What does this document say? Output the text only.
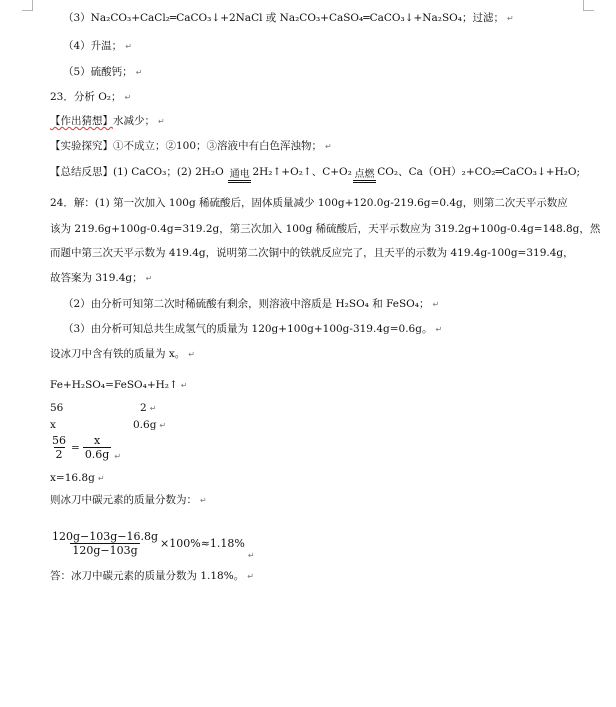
（3）Na₂CO₃+CaCl₂═CaCO₃↓+2NaCl 或 Na₂CO₃+CaSO₄═CaCO₃↓+Na₂SO₄；过滤； ↵
（4）升温； ↵
（5）硫酸钙； ↵
23．分析 O₂； ↵
【作出猜想】水减少； ↵
【实验探究】①不成立；②100；③溶液中有白色浑浊物； ↵
【总结反思】(1) CaCO₃；(2) 2H₂O 通电
2H₂↑+O₂↑、C+O₂ 点燃
CO₂、Ca（OH）₂+CO₂═CaCO₃↓+H₂O;
24．解：(1) 第一次加入 100g 稀硫酸后，固体质量减少 100g+120.0g-219.6g=0.4g，则第二次天平示数应
该为 219.6g+100g-0.4g=319.2g，第三次加入 100g 稀硫酸后，天平示数应为 319.2g+100g-0.4g=148.8g，然
而题中第三次天平示数为 419.4g，说明第二次铜中的铁就反应完了，且天平的示数为 419.4g-100g=319.4g，
故答案为 319.4g； ↵
（2）由分析可知第二次时稀硫酸有剩余，则溶液中溶质是 H₂SO₄ 和 FeSO₄； ↵
（3）由分析可知总共生成氢气的质量为 120g+100g+100g-319.4g=0.6g。 ↵
设冰刀中含有铁的质量为 x。 ↵
Fe+H₂SO₄=FeSO₄+H₂↑ ↵
56	2 ↵
x	0.6g ↵
$\frac{56}{2} = \frac{x}{0.6g}$ ↵
x=16.8g ↵
则冰刀中碳元素的质量分数为： ↵
$\frac{120g-103g-16.8g}{120g-103g} \times 100\%\approx 1.18\%$
↵
答：冰刀中碳元素的质量分数为 1.18%。 ↵
